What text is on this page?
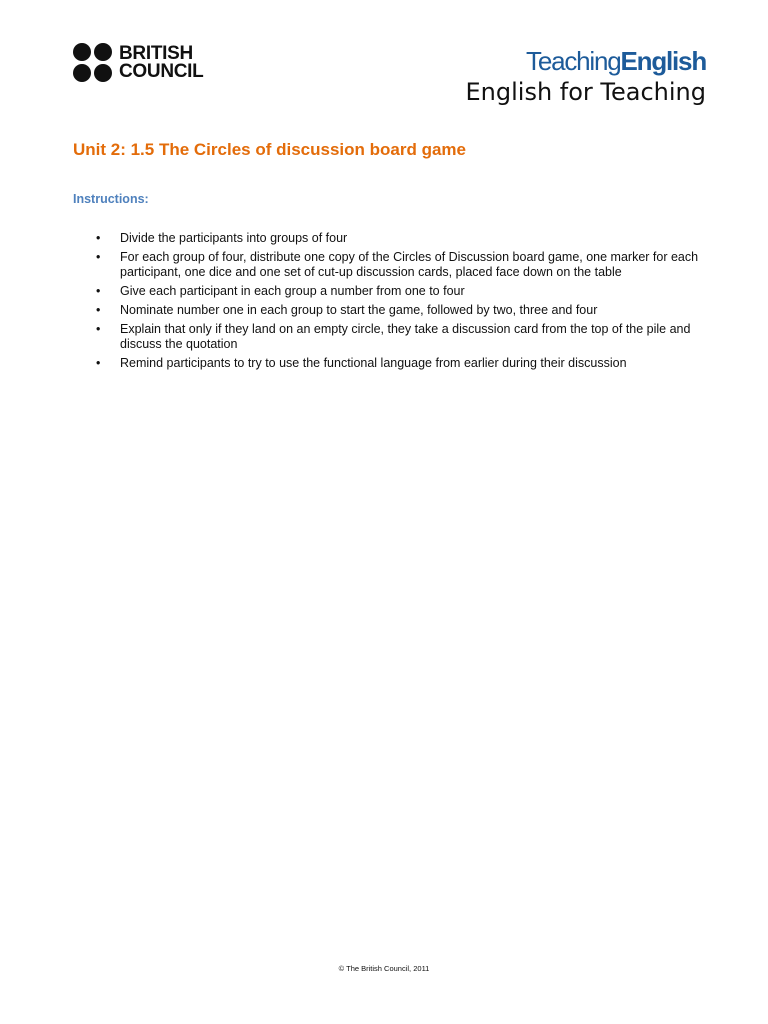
BRITISH
COUNCIL	TeachingEnglish
English for Teaching
Unit 2: 1.5 The Circles of discussion board game
Instructions:
• Divide the participants into groups of four
• For each group of four, distribute one copy of the Circles of Discussion board game, one marker for each participant, one dice and one set of cut-up discussion cards, placed face down on the table
• Give each participant in each group a number from one to four
• Nominate number one in each group to start the game, followed by two, three and four
• Explain that only if they land on an empty circle, they take a discussion card from the top of the pile and discuss the quotation
• Remind participants to try to use the functional language from earlier during their discussion
© The British Council, 2011
